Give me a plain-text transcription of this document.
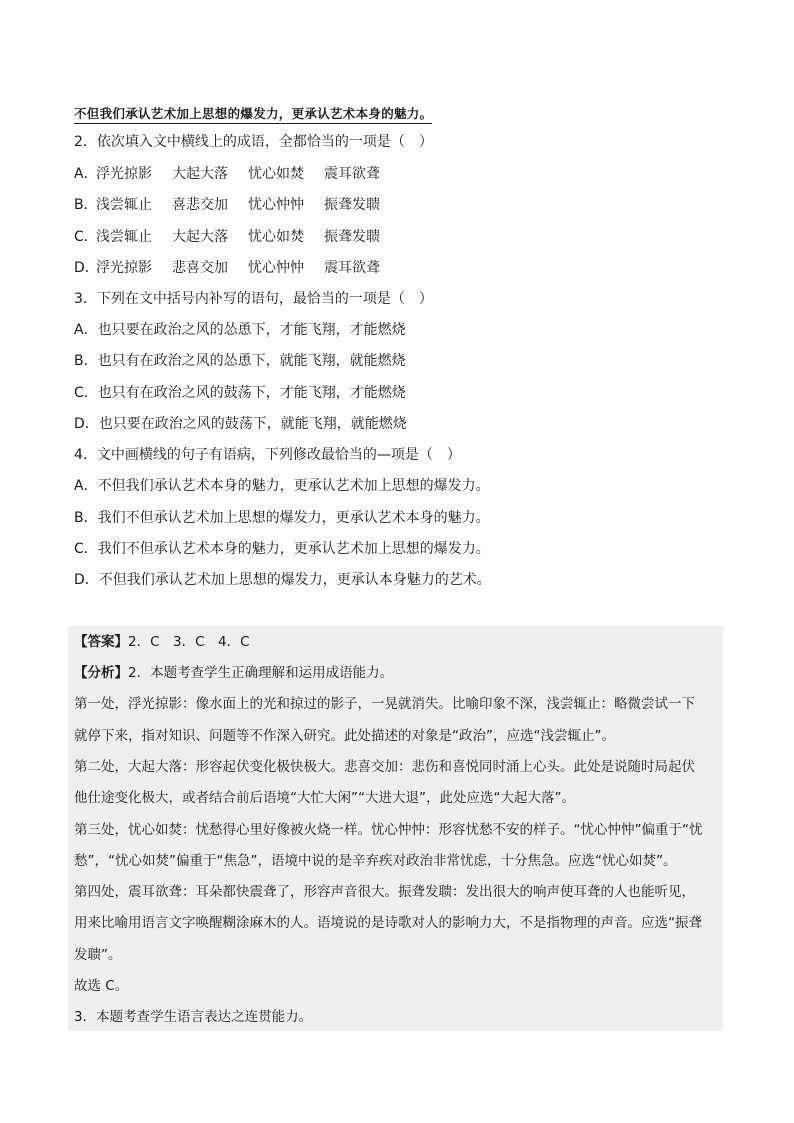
不但我们承认艺术加上思想的爆发力，更承认艺术本身的魅力。
2．依次填入文中横线上的成语，全都恰当的一项是（　）
A．浮光掠影 大起大落 忧心如焚 震耳欲聋
B．浅尝辄止 喜悲交加 忧心忡忡 振聋发聩
C．浅尝辄止 大起大落 忧心如焚 振聋发聩
D．浮光掠影 悲喜交加 忧心忡忡 震耳欲聋
3．下列在文中括号内补写的语句，最恰当的一项是（　）
A．也只要在政治之风的怂恿下，才能飞翔，才能燃烧
B．也只有在政治之风的怂恿下，就能飞翔，就能燃烧
C．也只有在政治之风的鼓荡下，才能飞翔，才能燃烧
D．也只要在政治之风的鼓荡下，就能飞翔，就能燃烧
4．文中画横线的句子有语病，下列修改最恰当的—项是（　）
A．不但我们承认艺术本身的魅力，更承认艺术加上思想的爆发力。
B．我们不但承认艺术加上思想的爆发力，更承认艺术本身的魅力。
C．我们不但承认艺术本身的魅力，更承认艺术加上思想的爆发力。
D．不但我们承认艺术加上思想的爆发力，更承认本身魅力的艺术。
【答案】2．C　3．C　4．C
【分析】2．本题考查学生正确理解和运用成语能力。
第一处，浮光掠影：像水面上的光和掠过的影子，一晃就消失。比喻印象不深，浅尝辄止：略微尝试一下
就停下来，指对知识、问题等不作深入研究。此处描述的对象是“政治”，应选“浅尝辄止”。
第二处，大起大落：形容起伏变化极快极大。悲喜交加：悲伤和喜悦同时涌上心头。此处是说随时局起伏
他仕途变化极大，或者结合前后语境“大忙大闲”“大进大退”，此处应选“大起大落”。
第三处，忧心如焚：忧愁得心里好像被火烧一样。忧心忡忡：形容忧愁不安的样子。“忧心忡忡”偏重于“忧
愁”，“忧心如焚”偏重于“焦急”，语境中说的是辛弃疾对政治非常忧虑，十分焦急。应选“忧心如焚”。
第四处，震耳欲聋：耳朵都快震聋了，形容声音很大。振聋发聩：发出很大的响声使耳聋的人也能听见，
用来比喻用语言文字唤醒糊涂麻木的人。语境说的是诗歌对人的影响力大，不是指物理的声音。应选“振聋
发聩”。
故选 C。
3．本题考查学生语言表达之连贯能力。
